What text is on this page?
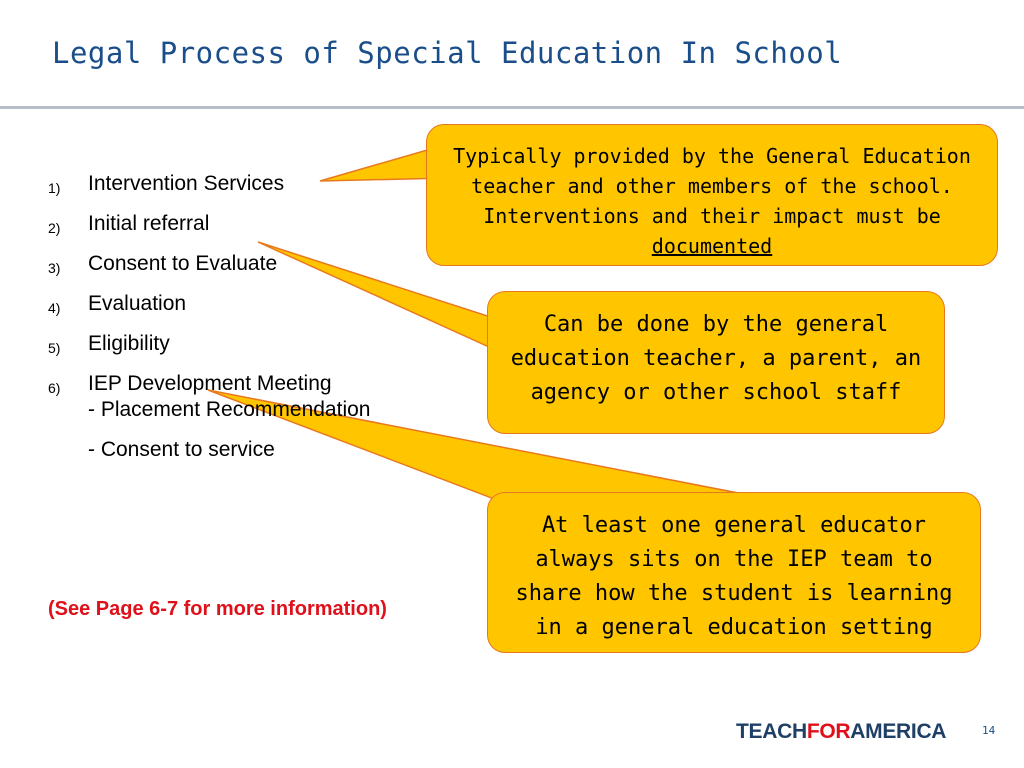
Legal Process of Special Education In School
1)	Intervention Services
2)	Initial referral
3)	Consent to Evaluate
4)	Evaluation
5)	Eligibility
6)	IEP Development Meeting
- Placement Recommendation
- Consent to service
(See Page 6-7 for more information)

Typically provided by the General Education teacher and other members of the school. Interventions and their impact must be documented

Can be done by the general education teacher, a parent, an agency or other school staff

At least one general educator always sits on the IEP team to share how the student is learning in a general education setting

TEACHFORAMERICA	14
